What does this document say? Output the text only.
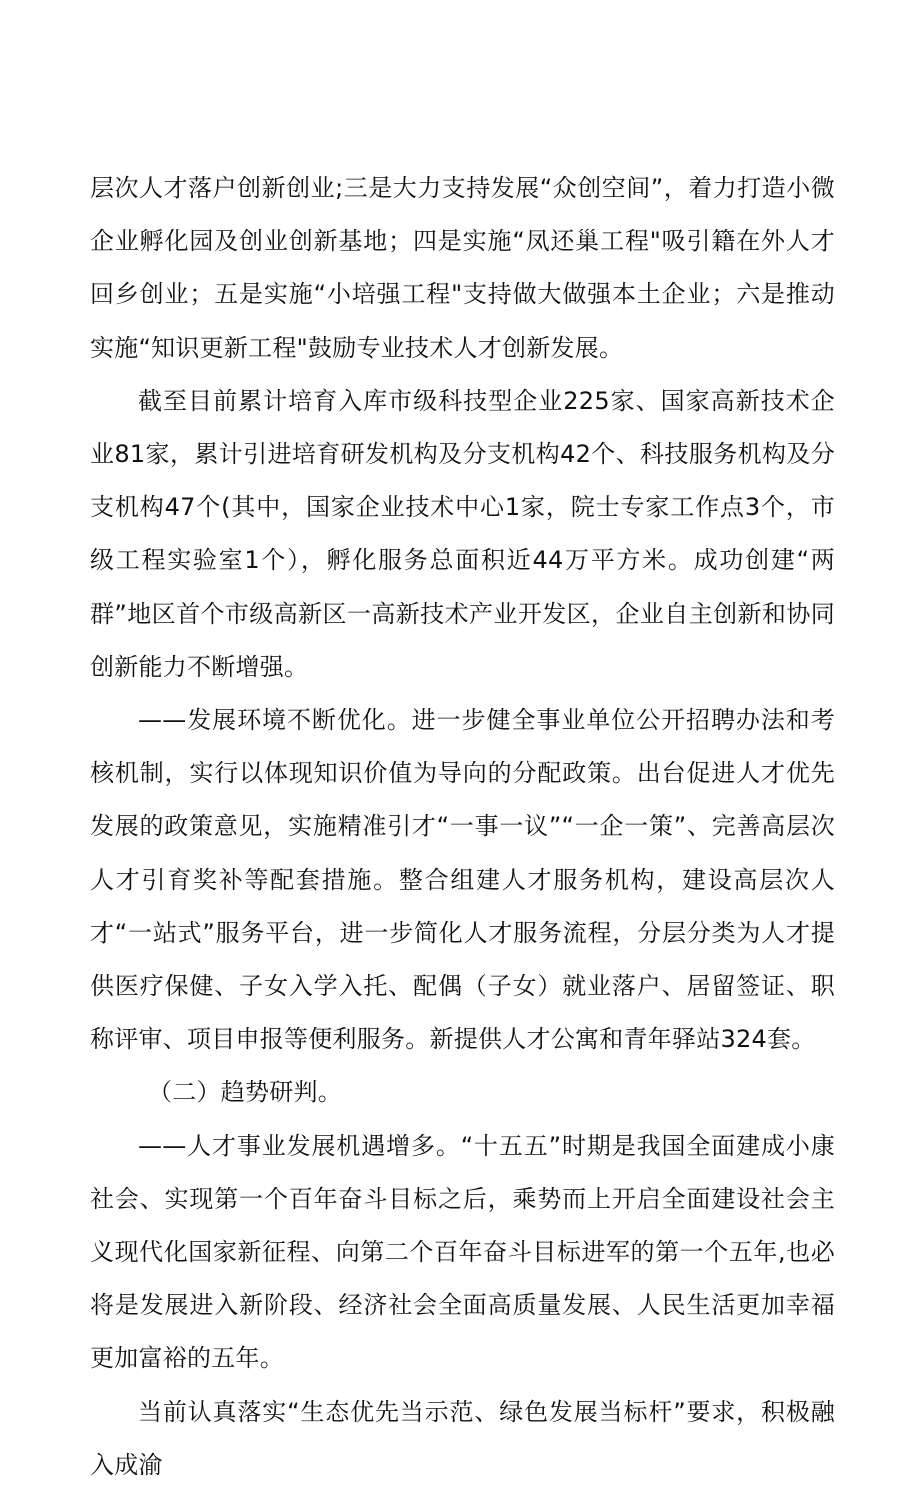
层次人才落户创新创业;三是大力支持发展“众创空间”，着力打造小微企业孵化园及创业创新基地；四是实施“凤还巢工程"吸引籍在外人才回乡创业；五是实施“小培强工程"支持做大做强本土企业；六是推动实施“知识更新工程"鼓励专业技术人才创新发展。

截至目前累计培育入库市级科技型企业225家、国家高新技术企业81家，累计引进培育研发机构及分支机构42个、科技服务机构及分支机构47个(其中，国家企业技术中心1家，院士专家工作点3个，市级工程实验室1个），孵化服务总面积近44万平方米。成功创建“两群”地区首个市级高新区一高新技术产业开发区，企业自主创新和协同创新能力不断增强。

——发展环境不断优化。进一步健全事业单位公开招聘办法和考核机制，实行以体现知识价值为导向的分配政策。出台促进人才优先发展的政策意见，实施精准引才“一事一议”“一企一策”、完善高层次人才引育奖补等配套措施。整合组建人才服务机构，建设高层次人才“一站式”服务平台，进一步简化人才服务流程，分层分类为人才提供医疗保健、子女入学入托、配偶（子女）就业落户、居留签证、职称评审、项目申报等便利服务。新提供人才公寓和青年驿站324套。

（二）趋势研判。

——人才事业发展机遇增多。“十五五”时期是我国全面建成小康社会、实现第一个百年奋斗目标之后，乘势而上开启全面建设社会主义现代化国家新征程、向第二个百年奋斗目标进军的第一个五年,也必将是发展进入新阶段、经济社会全面高质量发展、人民生活更加幸福更加富裕的五年。

当前认真落实“生态优先当示范、绿色发展当标杆”要求，积极融入成渝
